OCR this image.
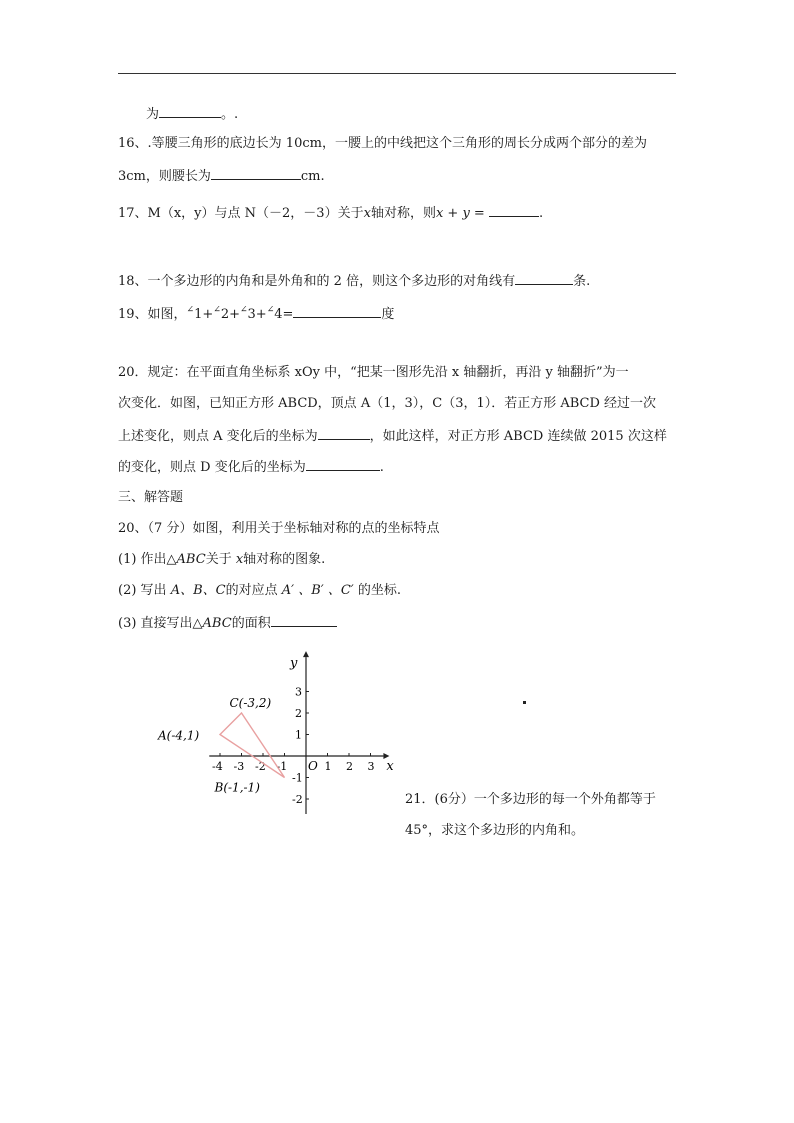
为	。.
16、.等腰三角形的底边长为 10cm，一腰上的中线把这个三角形的周长分成两个部分的差为
3cm，则腰长为	cm.
17、M（x，y）与点 N（－2，－3）关于x轴对称，则x + y =	.
18、一个多边形的内角和是外角和的 2 倍，则这个多边形的对角线有	条.
19、如图，∠1+∠2+∠3+∠4=	度
20．规定：在平面直角坐标系 xOy 中，“把某一图形先沿 x 轴翻折，再沿 y 轴翻折”为一
次变化．如图，已知正方形 ABCD，顶点 A（1，3），C（3，1）．若正方形 ABCD 经过一次
上述变化，则点 A 变化后的坐标为	，如此这样，对正方形 ABCD 连续做 2015 次这样
的变化，则点 D 变化后的坐标为	.
三、解答题
20、（7 分）如图，利用关于坐标轴对称的点的坐标特点
(1) 作出△ABC关于 x轴对称的图象.
(2) 写出 A、B、C的对应点 A′ 、B′ 、C′ 的坐标.
(3) 直接写出△ABC的面积
y
x
O
-4 -3 -2 -1	1 2 3
3
2
1
-1
-2
C(-3,2)
A(-4,1)
B(-1,-1)
21．(6分）一个多边形的每一个外角都等于
45°，求这个多边形的内角和。
